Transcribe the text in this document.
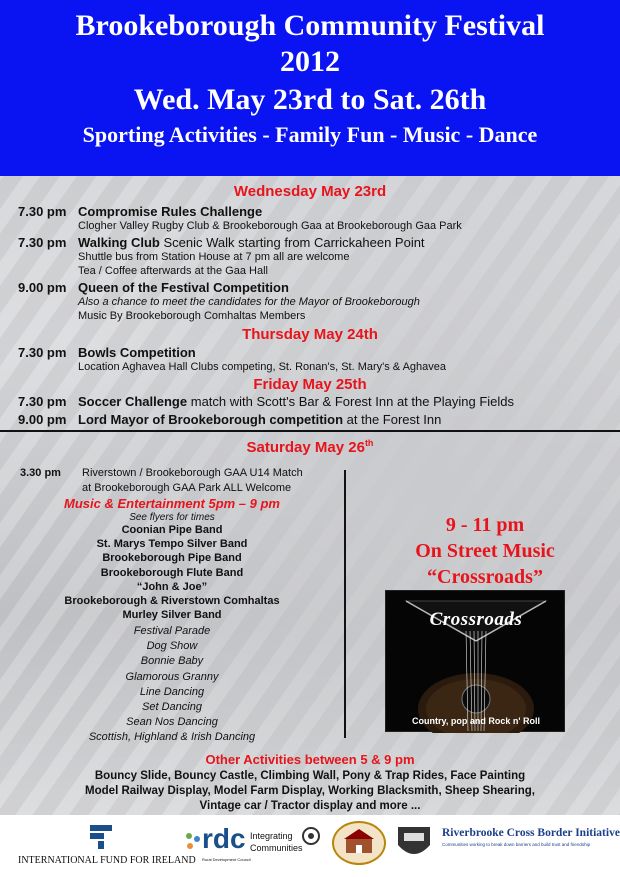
Brookeborough Community Festival
2012
Wed. May 23rd to Sat. 26th
Sporting Activities - Family Fun - Music - Dance
Wednesday May 23rd
7.30 pm Compromise Rules Challenge
Clogher Valley Rugby Club & Brookeborough Gaa at Brookeborough Gaa Park
7.30 pm Walking Club Scenic Walk starting from Carrickaheen Point
Shuttle bus from Station House at 7 pm all are welcome
Tea / Coffee afterwards at the Gaa Hall
9.00 pm Queen of the Festival Competition
Also a chance to meet the candidates for the Mayor of Brookeborough
Music By Brookeborough Comhaltas Members
Thursday May 24th
7.30 pm Bowls Competition
Location Aghavea Hall Clubs competing, St. Ronan's, St. Mary's & Aghavea
Friday May 25th
7.30 pm Soccer Challenge match with Scott's Bar & Forest Inn at the Playing Fields
9.00 pm Lord Mayor of Brookeborough competition at the Forest Inn
Saturday May 26th
3.30 pm Riverstown / Brookeborough GAA U14 Match
at Brookeborough GAA Park ALL Welcome
Music & Entertainment 5pm – 9 pm
See flyers for times
Coonian Pipe Band
St. Marys Tempo Silver Band
Brookeborough Pipe Band
Brookeborough Flute Band
“John & Joe”
Brookeborough & Riverstown Comhaltas
Murley Silver Band
Festival Parade
Dog Show
Bonnie Baby
Glamorous Granny
Line Dancing
Set Dancing
Sean Nos Dancing
Scottish, Highland & Irish Dancing
9 - 11 pm
On Street Music
“Crossroads”
Crossroads
Country, pop and Rock n' Roll
Other Activities between 5 & 9 pm
Bouncy Slide, Bouncy Castle, Climbing Wall, Pony & Trap Rides, Face Painting
Model Railway Display, Model Farm Display, Working Blacksmith, Sheep Shearing,
Vintage car / Tractor display and more ...
INTERNATIONAL FUND FOR IRELAND
rdc
Rural Development Council
Integrating
Communities
Riverbrooke Cross Border Initiative
Communities working to break down barriers and build trust and friendship
